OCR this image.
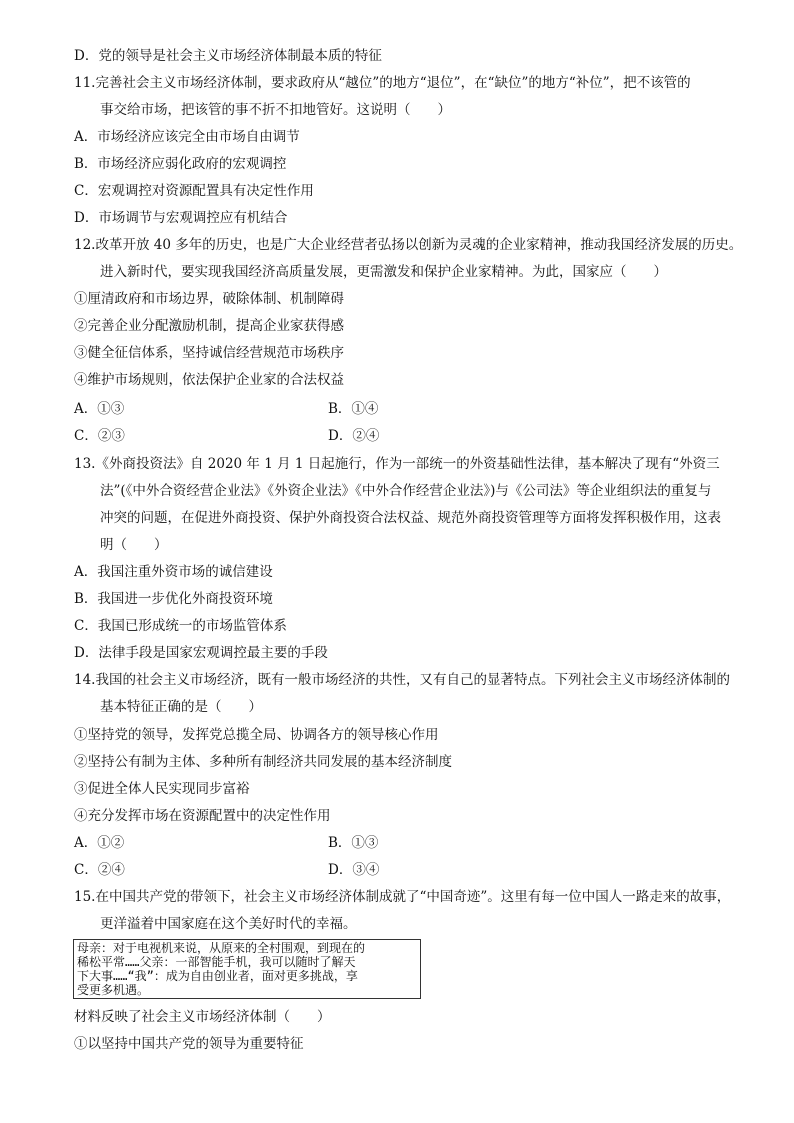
D．党的领导是社会主义市场经济体制最本质的特征
11.完善社会主义市场经济体制，要求政府从“越位”的地方“退位”，在“缺位”的地方“补位”，把不该管的
事交给市场，把该管的事不折不扣地管好。这说明（　　）
A．市场经济应该完全由市场自由调节
B．市场经济应弱化政府的宏观调控
C．宏观调控对资源配置具有决定性作用
D．市场调节与宏观调控应有机结合
12.改革开放 40 多年的历史，也是广大企业经营者弘扬以创新为灵魂的企业家精神，推动我国经济发展的历史。
进入新时代，要实现我国经济高质量发展，更需激发和保护企业家精神。为此，国家应（　　）
①厘清政府和市场边界，破除体制、机制障碍
②完善企业分配激励机制，提高企业家获得感
③健全征信体系，坚持诚信经营规范市场秩序
④维护市场规则，依法保护企业家的合法权益
A．①③	B．①④
C．②③	D．②④
13.《外商投资法》自 2020 年 1 月 1 日起施行，作为一部统一的外资基础性法律，基本解决了现有“外资三
法”(《中外合资经营企业法》《外资企业法》《中外合作经营企业法》)与《公司法》等企业组织法的重复与
冲突的问题，在促进外商投资、保护外商投资合法权益、规范外商投资管理等方面将发挥积极作用，这表
明（　　）
A．我国注重外资市场的诚信建设
B．我国进一步优化外商投资环境
C．我国已形成统一的市场监管体系
D．法律手段是国家宏观调控最主要的手段
14.我国的社会主义市场经济，既有一般市场经济的共性，又有自己的显著特点。下列社会主义市场经济体制的
基本特征正确的是（　　）
①坚持党的领导，发挥党总揽全局、协调各方的领导核心作用
②坚持公有制为主体、多种所有制经济共同发展的基本经济制度
③促进全体人民实现同步富裕
④充分发挥市场在资源配置中的决定性作用
A．①②	B．①③
C．②④	D．③④
15.在中国共产党的带领下，社会主义市场经济体制成就了“中国奇迹”。这里有每一位中国人一路走来的故事，
更洋溢着中国家庭在这个美好时代的幸福。
母亲：对于电视机来说，从原来的全村围观，到现在的
稀松平常……父亲：一部智能手机，我可以随时了解天
下大事……“我”：成为自由创业者，面对更多挑战，享
受更多机遇。
材料反映了社会主义市场经济体制（　　）
①以坚持中国共产党的领导为重要特征
